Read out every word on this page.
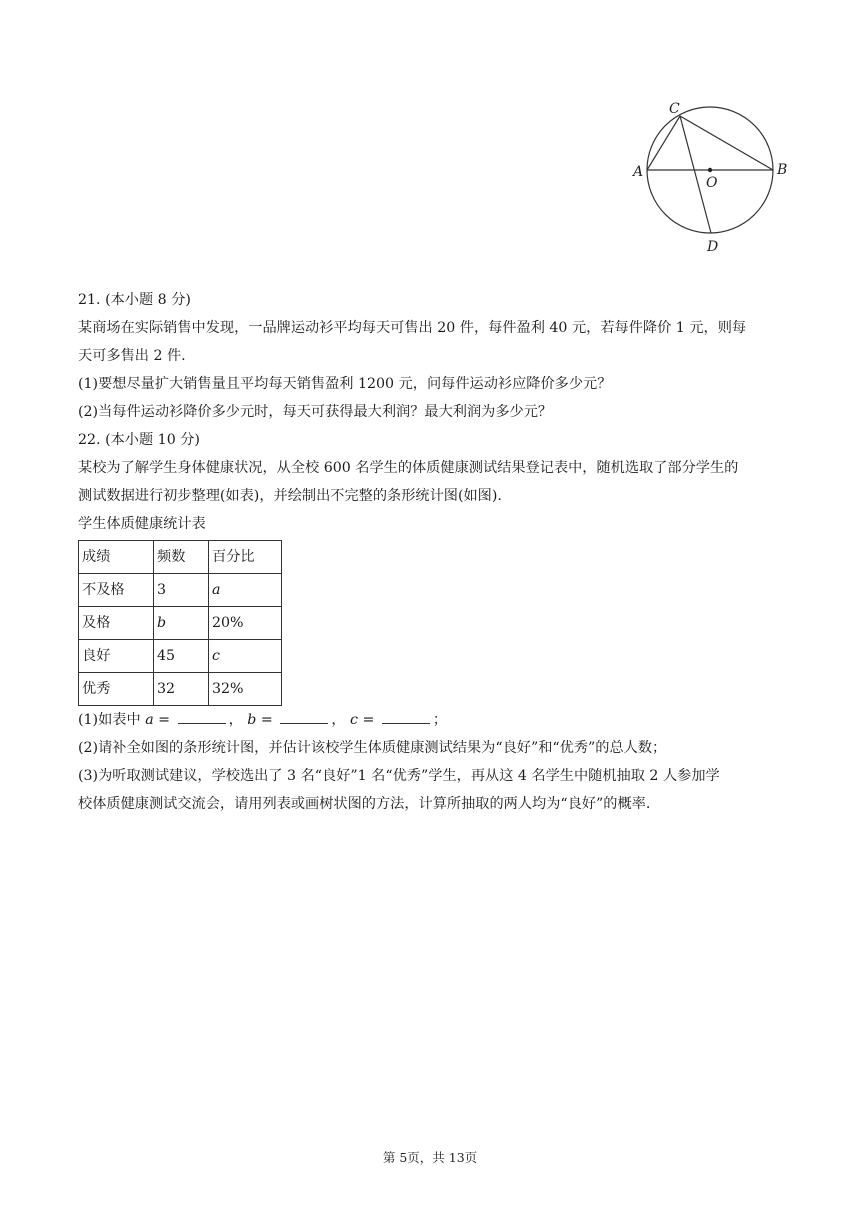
C
A	B
O
D
21. (本小题 8 分)
某商场在实际销售中发现，一品牌运动衫平均每天可售出 20 件，每件盈利 40 元，若每件降价 1 元，则每
天可多售出 2 件.
(1)要想尽量扩大销售量且平均每天销售盈利 1200 元，问每件运动衫应降价多少元？
(2)当每件运动衫降价多少元时，每天可获得最大利润？最大利润为多少元？
22. (本小题 10 分)
某校为了解学生身体健康状况，从全校 600 名学生的体质健康测试结果登记表中，随机选取了部分学生的
测试数据进行初步整理(如表)，并绘制出不完整的条形统计图(如图).
学生体质健康统计表
成绩	频数	百分比
不及格	3	a
及格	b	20%
良好	45	c
优秀	32	32%
(1)如表中 a =	， b =	， c =	；
(2)请补全如图的条形统计图，并估计该校学生体质健康测试结果为“良好”和“优秀”的总人数；
(3)为听取测试建议，学校选出了 3 名“良好”1 名“优秀”学生，再从这 4 名学生中随机抽取 2 人参加学
校体质健康测试交流会，请用列表或画树状图的方法，计算所抽取的两人均为“良好”的概率.
第 5页，共 13页
